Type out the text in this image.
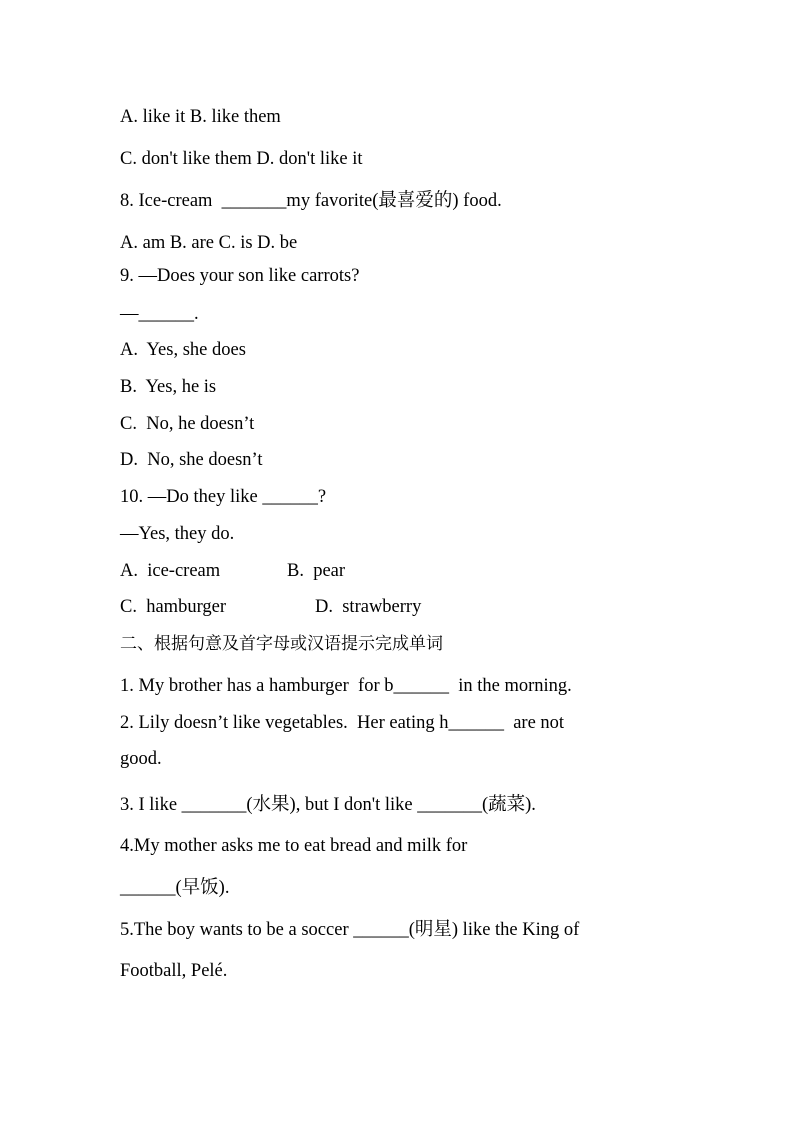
A. like it B. like them
C. don't like them D. don't like it
8. Ice-cream  _______my favorite(最喜爱的) food.
A. am B. are C. is D. be
9. —Does your son like carrots?
—______.
A.  Yes, she does
B.  Yes, he is
C.  No, he doesn’t
D.  No, she doesn’t
10. —Do they like ______?
—Yes, they do.
A.  ice-cream	B.  pear
C.  hamburger	D.  strawberry
二、根据句意及首字母或汉语提示完成单词
1. My brother has a hamburger  for b______  in the morning.
2. Lily doesn’t like vegetables.  Her eating h______  are not
good.
3. I like _______(水果), but I don't like _______(蔬菜).
4.My mother asks me to eat bread and milk for
______(早饭).
5.The boy wants to be a soccer ______(明星) like the King of
Football, Pelé.
